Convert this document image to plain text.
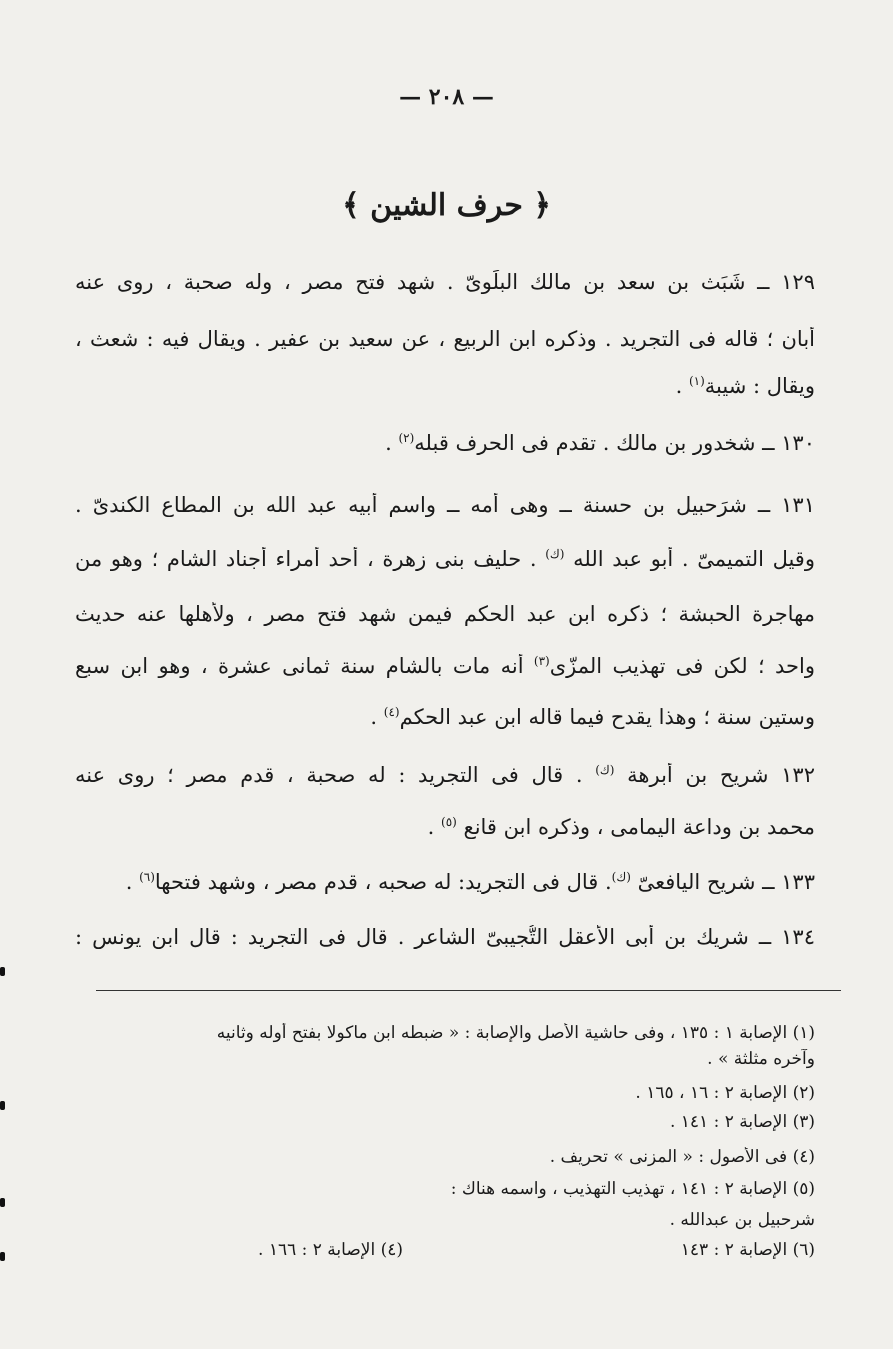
— ٢٠٨ —
﴿ حرف الشين ﴾
١٢٩ ــ شَبَث بن سعد بن مالك البلَوىّ . شهد فتح مصر ، وله صحبة ، روى عنه
أبان ؛ قاله فى التجريد . وذكره ابن الربيع ، عن سعيد بن عفير . ويقال فيه : شعث ،
ويقال : شيبة$^{(١)}$ .
١٣٠ ــ شخدور بن مالك . تقدم فى الحرف قبله$^{(٢)}$ .
١٣١ ــ شرَحبيل بن حسنة ــ وهى أمه ــ واسم أبيه عبد الله بن المطاع الكندىّ .
وقيل التميمىّ . أبو عبد الله $^{(ك)}$ . حليف بنى زهرة ، أحد أمراء أجناد الشام ؛ وهو من
مهاجرة الحبشة ؛ ذكره ابن عبد الحكم فيمن شهد فتح مصر ، ولأهلها عنه حديث
واحد ؛ لكن فى تهذيب المزّى$^{(٣)}$ أنه مات بالشام سنة ثمانى عشرة ، وهو ابن سبع
وستين سنة ؛ وهذا يقدح فيما قاله ابن عبد الحكم$^{(٤)}$ .
١٣٢ شريح بن أبرهة $^{(ك)}$ . قال فى التجريد : له صحبة ، قدم مصر ؛ روى عنه
محمد بن وداعة اليمامى ، وذكره ابن قانع $^{(٥)}$ .
١٣٣ ــ شريح اليافعىّ $^{(ك)}$. قال فى التجريد: له صحبه ، قدم مصر ، وشهد فتحها$^{(٦)}$ .
١٣٤ ــ شريك بن أبى الأعقل التُّجيبىّ الشاعر . قال فى التجريد : قال ابن يونس :
(١) الإصابة ١ : ١٣٥ ، وفى حاشية الأصل والإصابة : « ضبطه ابن ماكولا بفتح أوله وثانيه
وآخره مثلثة » .
(٢) الإصابة ٢ : ١٦ ، ١٦٥ .
(٣) الإصابة ٢ : ١٤١ .
(٤) فى الأصول : « المزنى » تحريف .
(٥) الإصابة ٢ : ١٤١ ، تهذيب التهذيب ، واسمه هناك :
شرحبيل بن عبدالله .
(٦) الإصابة ٢ : ١٤٣
(٤) الإصابة ٢ : ١٦٦ .
